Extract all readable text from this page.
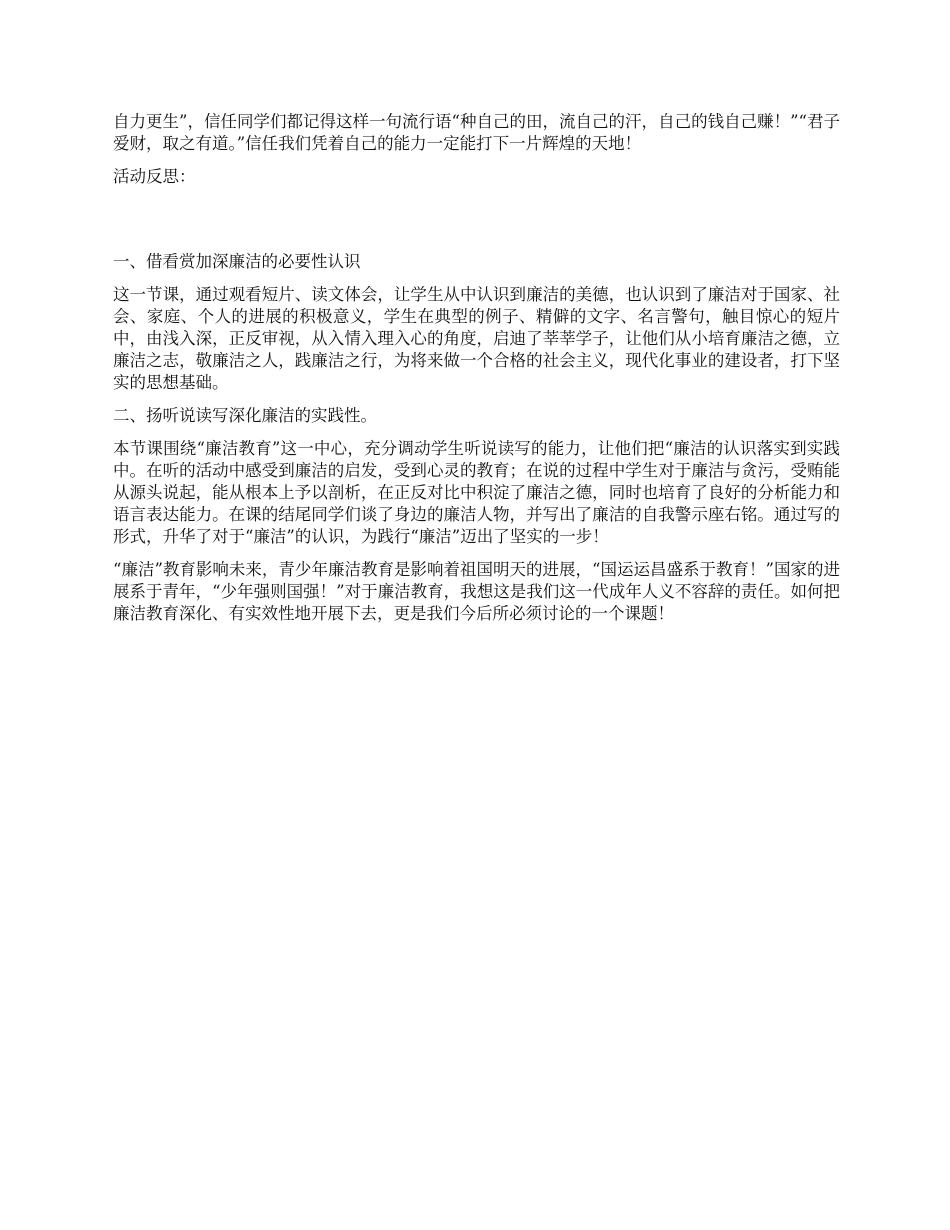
自力更生”，信任同学们都记得这样一句流行语“种自己的田，流自己的汗，自己的钱自己赚！”“君子爱财，取之有道。”信任我们凭着自己的能力一定能打下一片辉煌的天地！

活动反思：

一、借看赏加深廉洁的必要性认识

这一节课，通过观看短片、读文体会，让学生从中认识到廉洁的美德，也认识到了廉洁对于国家、社会、家庭、个人的进展的积极意义，学生在典型的例子、精僻的文字、名言警句，触目惊心的短片中，由浅入深，正反审视，从入情入理入心的角度，启迪了莘莘学子，让他们从小培育廉洁之德，立廉洁之志，敬廉洁之人，践廉洁之行，为将来做一个合格的社会主义，现代化事业的建设者，打下坚实的思想基础。

二、扬听说读写深化廉洁的实践性。

本节课围绕“廉洁教育”这一中心，充分调动学生听说读写的能力，让他们把“廉洁的认识落实到实践中。在听的活动中感受到廉洁的启发，受到心灵的教育；在说的过程中学生对于廉洁与贪污，受贿能从源头说起，能从根本上予以剖析，在正反对比中积淀了廉洁之德，同时也培育了良好的分析能力和语言表达能力。在课的结尾同学们谈了身边的廉洁人物，并写出了廉洁的自我警示座右铭。通过写的形式，升华了对于“廉洁”的认识，为践行“廉洁”迈出了坚实的一步！

“廉洁”教育影响未来，青少年廉洁教育是影响着祖国明天的进展，“国运运昌盛系于教育！”国家的进展系于青年，“少年强则国强！”对于廉洁教育，我想这是我们这一代成年人义不容辞的责任。如何把廉洁教育深化、有实效性地开展下去，更是我们今后所必须讨论的一个课题！
